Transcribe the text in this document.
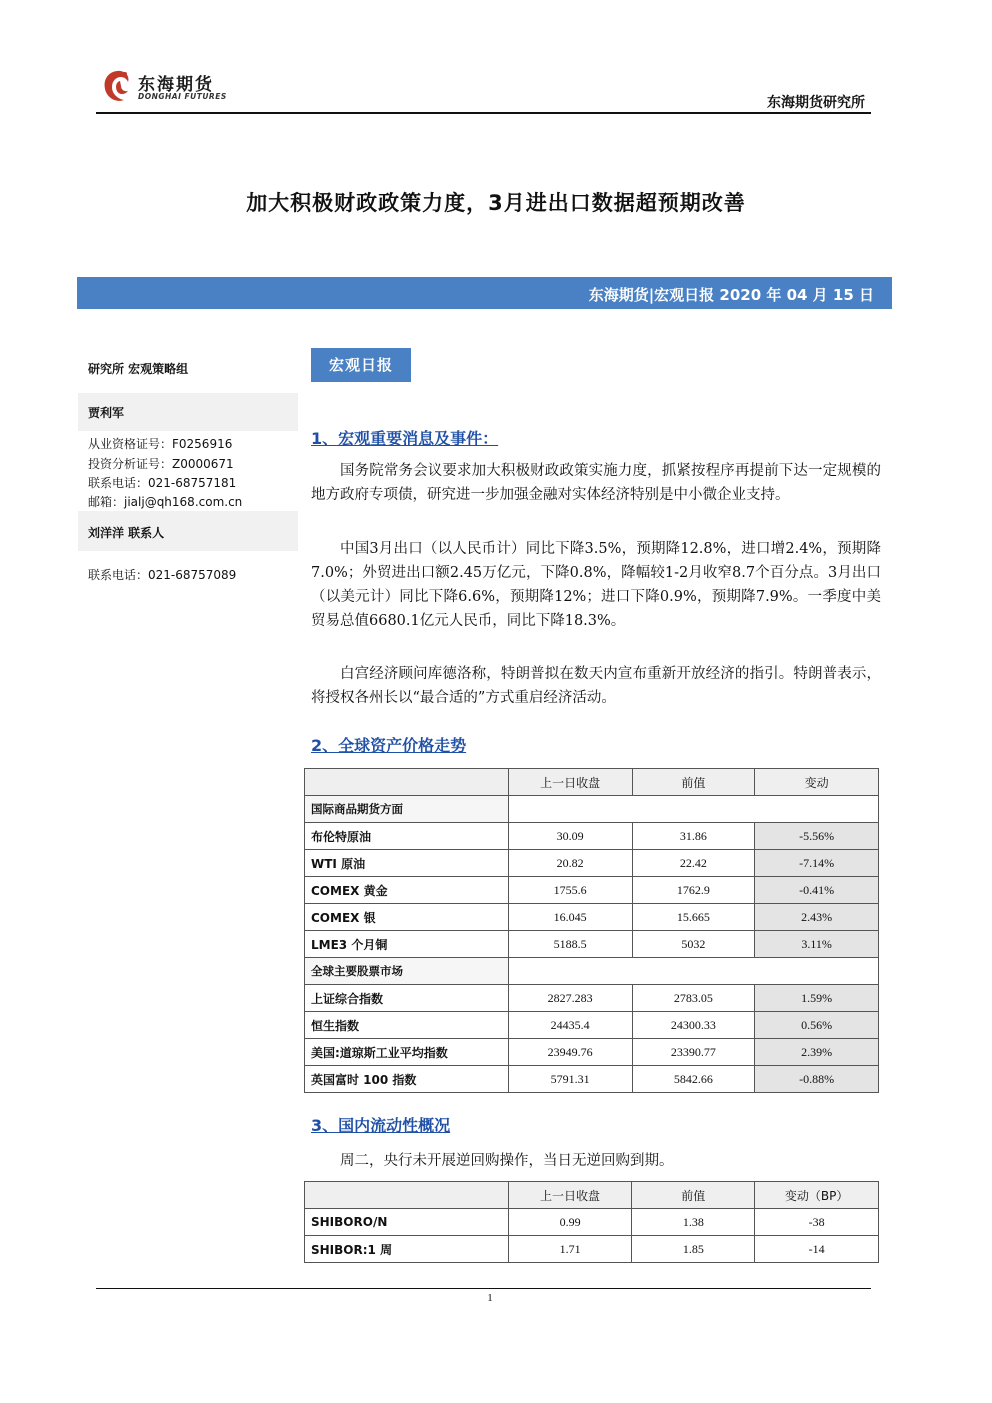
东海期货
DONGHAI FUTURES	东海期货研究所
加大积极财政政策力度，3月进出口数据超预期改善
东海期货|宏观日报 2020 年 04 月 15 日
研究所 宏观策略组
贾利军
从业资格证号：F0256916
投资分析证号：Z0000671
联系电话：021-68757181
邮箱：jialj@qh168.com.cn
刘洋洋 联系人
联系电话：021-68757089
宏观日报
1、宏观重要消息及事件：
国务院常务会议要求加大积极财政政策实施力度，抓紧按程序再提前下达一定规模的地方政府专项债，研究进一步加强金融对实体经济特别是中小微企业支持。
中国3月出口（以人民币计）同比下降3.5%，预期降12.8%，进口增2.4%，预期降7.0%；外贸进出口额2.45万亿元，下降0.8%，降幅较1-2月收窄8.7个百分点。3月出口（以美元计）同比下降6.6%，预期降12%；进口下降0.9%，预期降7.9%。一季度中美贸易总值6680.1亿元人民币，同比下降18.3%。
白宫经济顾问库德洛称，特朗普拟在数天内宣布重新开放经济的指引。特朗普表示，将授权各州长以“最合适的”方式重启经济活动。
2、全球资产价格走势
	上一日收盘	前值	变动
国际商品期货方面			
布伦特原油	30.09	31.86	-5.56%
WTI 原油	20.82	22.42	-7.14%
COMEX 黄金	1755.6	1762.9	-0.41%
COMEX 银	16.045	15.665	2.43%
LME3 个月铜	5188.5	5032	3.11%
全球主要股票市场			
上证综合指数	2827.283	2783.05	1.59%
恒生指数	24435.4	24300.33	0.56%
美国:道琼斯工业平均指数	23949.76	23390.77	2.39%
英国富时 100 指数	5791.31	5842.66	-0.88%
3、国内流动性概况
周二，央行未开展逆回购操作，当日无逆回购到期。
	上一日收盘	前值	变动（BP）
SHIBORO/N	0.99	1.38	-38
SHIBOR:1 周	1.71	1.85	-14
1
